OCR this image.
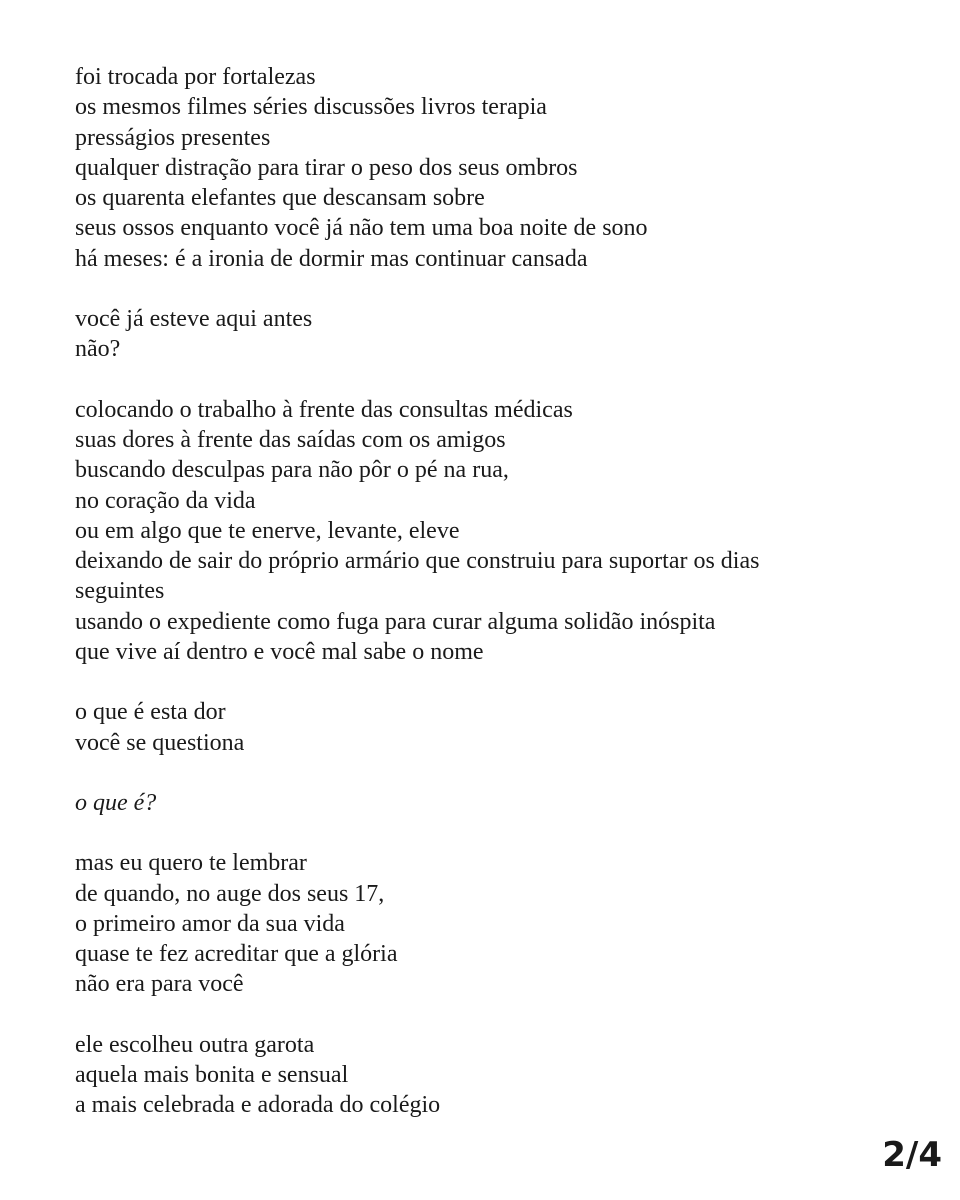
foi trocada por fortalezas
os mesmos filmes séries discussões livros terapia
presságios presentes
qualquer distração para tirar o peso dos seus ombros
os quarenta elefantes que descansam sobre
seus ossos enquanto você já não tem uma boa noite de sono
há meses: é a ironia de dormir mas continuar cansada
você já esteve aqui antes
não?
colocando o trabalho à frente das consultas médicas
suas dores à frente das saídas com os amigos
buscando desculpas para não pôr o pé na rua,
no coração da vida
ou em algo que te enerve, levante, eleve
deixando de sair do próprio armário que construiu para suportar os dias
seguintes
usando o expediente como fuga para curar alguma solidão inóspita
que vive aí dentro e você mal sabe o nome
o que é esta dor
você se questiona
o que é?
mas eu quero te lembrar
de quando, no auge dos seus 17,
o primeiro amor da sua vida
quase te fez acreditar que a glória
não era para você
ele escolheu outra garota
aquela mais bonita e sensual
a mais celebrada e adorada do colégio
2/4
